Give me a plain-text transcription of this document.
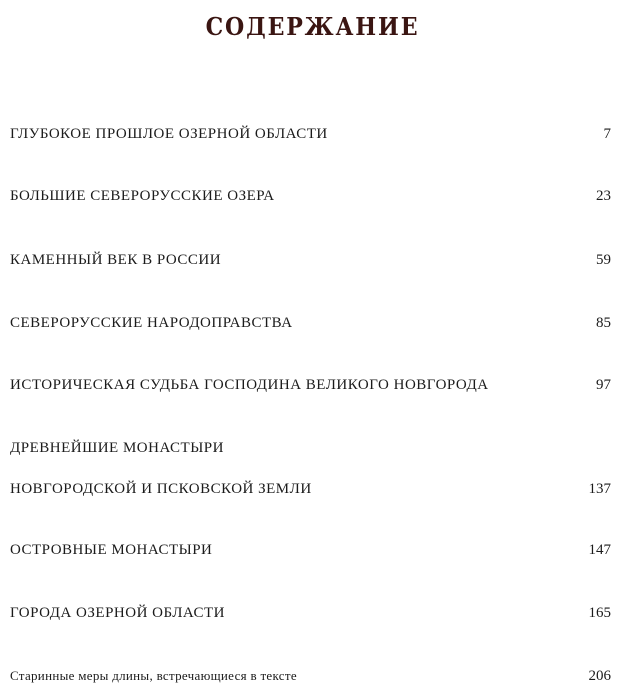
содержание
ГЛУБОКОЕ ПРОШЛОЕ ОЗЕРНОЙ ОБЛАСТИ	7
БОЛЬШИЕ СЕВЕРОРУССКИЕ ОЗЕРА	23
КАМЕННЫЙ ВЕК В РОССИИ	59
СЕВЕРОРУССКИЕ НАРОДОПРАВСТВА	85
ИСТОРИЧЕСКАЯ СУДЬБА ГОСПОДИНА ВЕЛИКОГО НОВГОРОДА	97
ДРЕВНЕЙШИЕ МОНАСТЫРИ
НОВГОРОДСКОЙ И ПСКОВСКОЙ ЗЕМЛИ	137
ОСТРОВНЫЕ МОНАСТЫРИ	147
ГОРОДА ОЗЕРНОЙ ОБЛАСТИ	165
Старинные меры длины, встречающиеся в тексте	206
